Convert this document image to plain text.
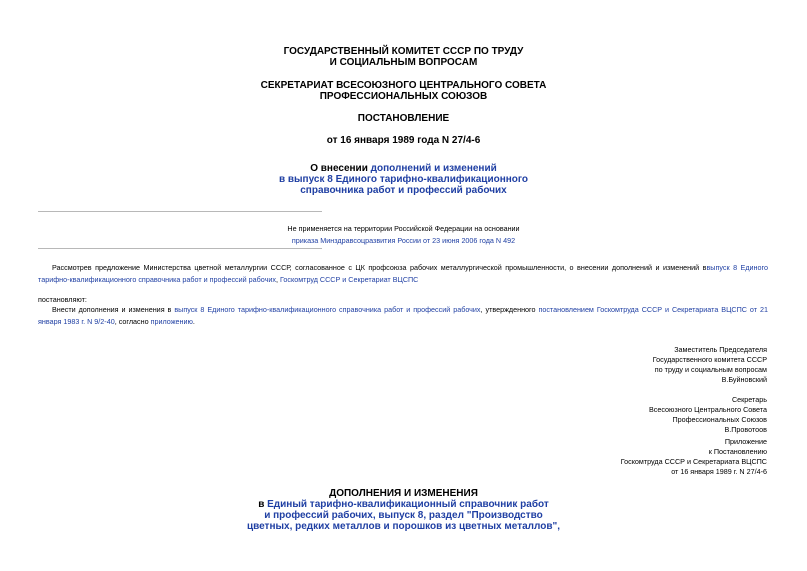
ГОСУДАРСТВЕННЫЙ КОМИТЕТ СССР ПО ТРУДУ
И СОЦИАЛЬНЫМ ВОПРОСАМ
СЕКРЕТАРИАТ ВСЕСОЮЗНОГО ЦЕНТРАЛЬНОГО СОВЕТА
ПРОФЕССИОНАЛЬНЫХ СОЮЗОВ
ПОСТАНОВЛЕНИЕ
от 16 января 1989 года N 27/4-6
О внесении дополнений и изменений
в выпуск 8 Единого тарифно-квалификационного
справочника работ и профессий рабочих
Не применяется на территории Российской Федерации на основании
приказа Минздравсоцразвития России от 23 июня 2006 года N 492
Рассмотрев предложение Министерства цветной металлургии СССР, согласованное с ЦК профсоюза рабочих металлургической промышленности, о внесении дополнений и изменений ввыпуск 8 Единого тарифно-квалификационного справочника работ и профессий рабочих, Госкомтруд СССР и Секретариат ВЦСПС
постановляют:
Внести дополнения и изменения в выпуск 8 Единого тарифно-квалификационного справочника работ и профессий рабочих, утвержденного постановлением Госкомтруда СССР и Секретариата ВЦСПС от 21 января 1983 г. N 9/2-40, согласно приложению.
Заместитель Председателя
Государственного комитета СССР
по труду и социальным вопросам
В.Буйновский
Секретарь
Всесоюзного Центрального Совета
Профессиональных Союзов
В.Провотоов
Приложение
к Постановлению
Госкомтруда СССР и Секретариата ВЦСПС
от 16 января 1989 г. N 27/4-6
ДОПОЛНЕНИЯ И ИЗМЕНЕНИЯ
в Единый тарифно-квалификационный справочник работ
и профессий рабочих, выпуск 8, раздел "Производство
цветных, редких металлов и порошков из цветных металлов",
